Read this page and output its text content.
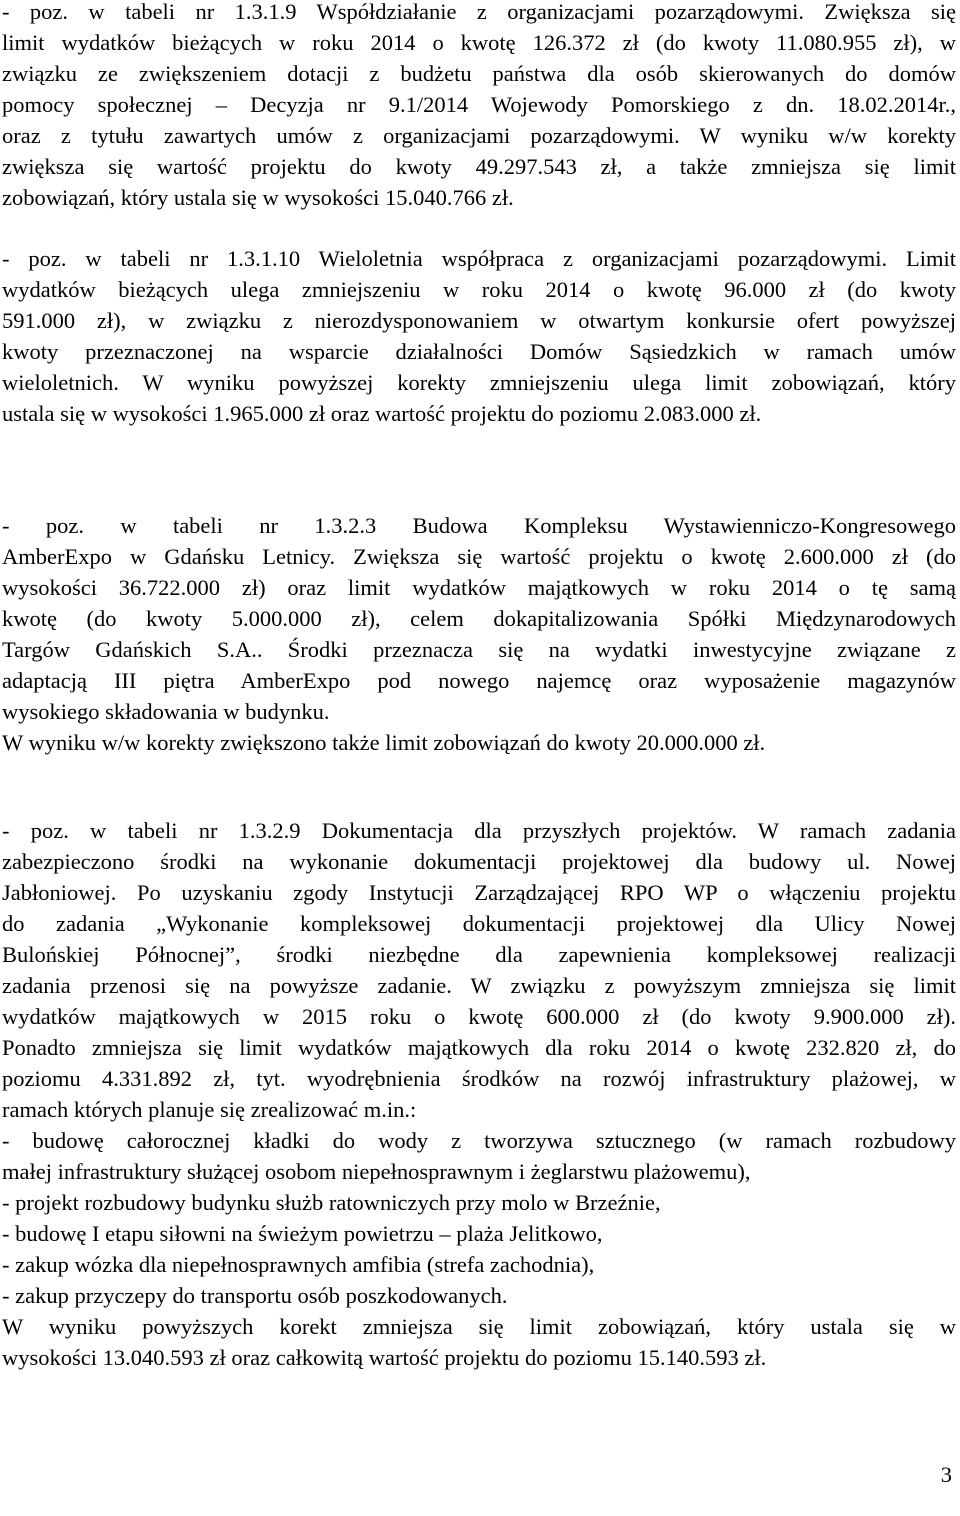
- poz. w tabeli nr 1.3.1.9 Współdziałanie z organizacjami pozarządowymi. Zwiększa się
limit wydatków bieżących w roku 2014 o kwotę 126.372 zł (do kwoty 11.080.955 zł), w
związku ze zwiększeniem dotacji z budżetu państwa dla osób skierowanych do domów
pomocy społecznej – Decyzja nr 9.1/2014 Wojewody Pomorskiego z dn. 18.02.2014r.,
oraz z tytułu zawartych umów z organizacjami pozarządowymi. W wyniku w/w korekty
zwiększa się wartość projektu do kwoty 49.297.543 zł, a także zmniejsza się limit
zobowiązań, który ustala się w wysokości 15.040.766 zł.

- poz. w tabeli nr 1.3.1.10 Wieloletnia współpraca z organizacjami pozarządowymi. Limit
wydatków bieżących ulega zmniejszeniu w roku 2014 o kwotę 96.000 zł (do kwoty
591.000 zł), w związku z nierozdysponowaniem w otwartym konkursie ofert powyższej
kwoty przeznaczonej na wsparcie działalności Domów Sąsiedzkich w ramach umów
wieloletnich. W wyniku powyższej korekty zmniejszeniu ulega limit zobowiązań, który
ustala się w wysokości 1.965.000 zł oraz wartość projektu do poziomu 2.083.000 zł.

- poz. w tabeli nr 1.3.2.3 Budowa Kompleksu Wystawienniczo-Kongresowego
AmberExpo w Gdańsku Letnicy. Zwiększa się wartość projektu o kwotę 2.600.000 zł (do
wysokości 36.722.000 zł) oraz limit wydatków majątkowych w roku 2014 o tę samą
kwotę (do kwoty 5.000.000 zł), celem dokapitalizowania Spółki Międzynarodowych
Targów Gdańskich S.A.. Środki przeznacza się na wydatki inwestycyjne związane z
adaptacją III piętra AmberExpo pod nowego najemcę oraz wyposażenie magazynów
wysokiego składowania w budynku.
W wyniku w/w korekty zwiększono także limit zobowiązań do kwoty 20.000.000 zł.

- poz. w tabeli nr 1.3.2.9 Dokumentacja dla przyszłych projektów. W ramach zadania
zabezpieczono środki na wykonanie dokumentacji projektowej dla budowy ul. Nowej
Jabłoniowej. Po uzyskaniu zgody Instytucji Zarządzającej RPO WP o włączeniu projektu
do zadania „Wykonanie kompleksowej dokumentacji projektowej dla Ulicy Nowej
Bulońskiej Północnej”, środki niezbędne dla zapewnienia kompleksowej realizacji
zadania przenosi się na powyższe zadanie. W związku z powyższym zmniejsza się limit
wydatków majątkowych w 2015 roku o kwotę 600.000 zł (do kwoty 9.900.000 zł).
Ponadto zmniejsza się limit wydatków majątkowych dla roku 2014 o kwotę 232.820 zł, do
poziomu 4.331.892 zł, tyt. wyodrębnienia środków na rozwój infrastruktury plażowej, w
ramach których planuje się zrealizować m.in.:
- budowę całorocznej kładki do wody z tworzywa sztucznego (w ramach rozbudowy
małej infrastruktury służącej osobom niepełnosprawnym i żeglarstwu plażowemu),
- projekt rozbudowy budynku służb ratowniczych przy molo w Brzeźnie,
- budowę I etapu siłowni na świeżym powietrzu – plaża Jelitkowo,
- zakup wózka dla niepełnosprawnych amfibia (strefa zachodnia),
- zakup przyczepy do transportu osób poszkodowanych.
W wyniku powyższych korekt zmniejsza się limit zobowiązań, który ustala się w
wysokości 13.040.593 zł oraz całkowitą wartość projektu do poziomu 15.140.593 zł.

3
